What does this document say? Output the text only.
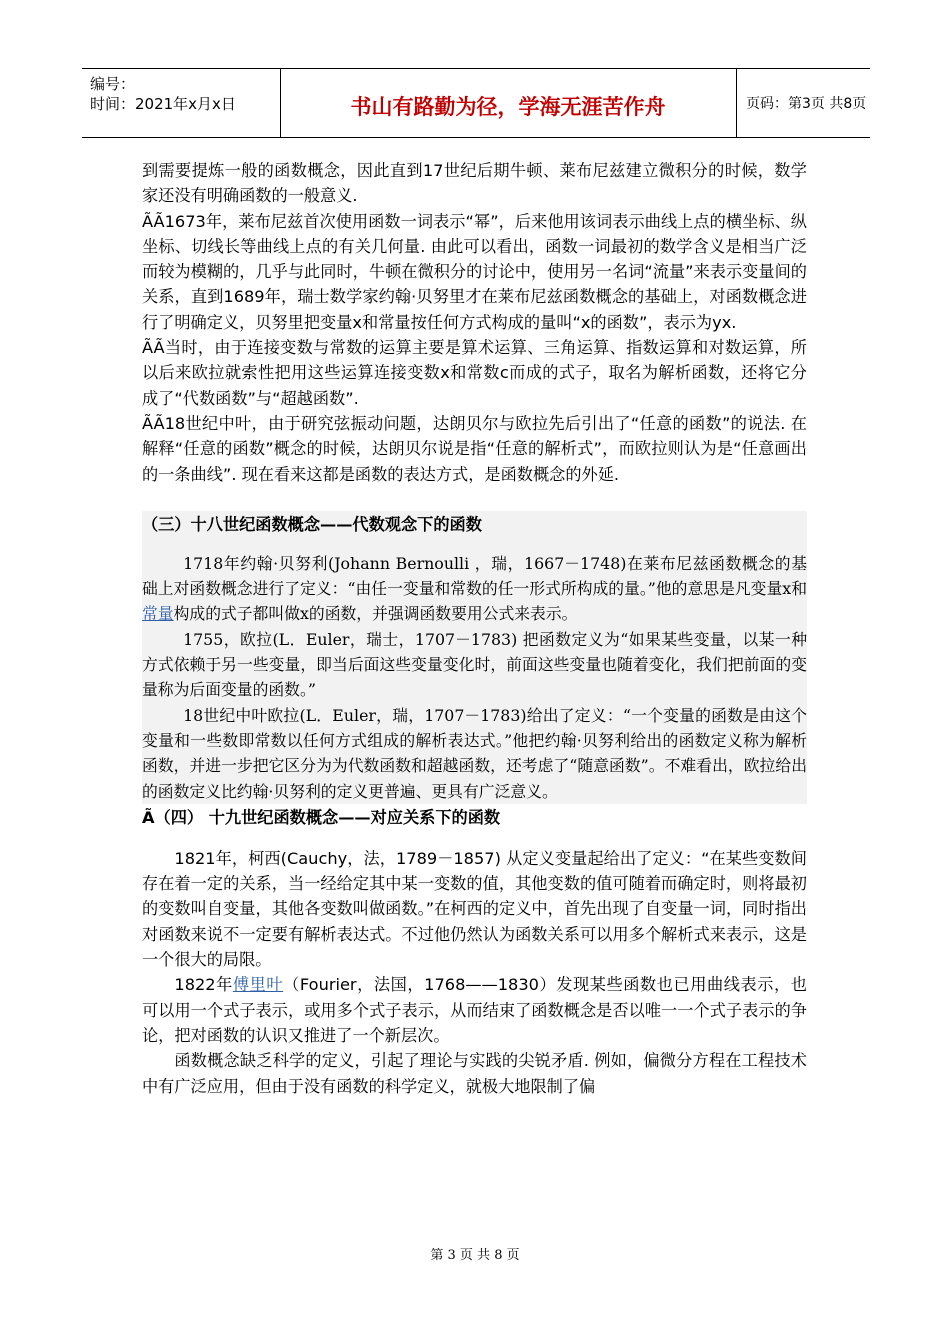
编号：
时间：2021年x月x日	书山有路勤为径，学海无涯苦作舟	页码：第3页 共8页

到需要提炼一般的函数概念，因此直到17世纪后期牛顿、莱布尼兹建立微积分的时候，数学家还没有明确函数的一般意义.

ÃÃ1673年，莱布尼兹首次使用函数一词表示“幂”，后来他用该词表示曲线上点的横坐标、纵坐标、切线长等曲线上点的有关几何量. 由此可以看出，函数一词最初的数学含义是相当广泛而较为模糊的，几乎与此同时，牛顿在微积分的讨论中，使用另一名词“流量”来表示变量间的关系，直到1689年，瑞士数学家约翰·贝努里才在莱布尼兹函数概念的基础上，对函数概念进行了明确定义，贝努里把变量x和常量按任何方式构成的量叫“x的函数”，表示为yx.

ÃÃ当时，由于连接变数与常数的运算主要是算术运算、三角运算、指数运算和对数运算，所以后来欧拉就索性把用这些运算连接变数x和常数c而成的式子，取名为解析函数，还将它分成了“代数函数”与“超越函数”.

ÃÃ18世纪中叶，由于研究弦振动问题，达朗贝尔与欧拉先后引出了“任意的函数”的说法. 在解释“任意的函数”概念的时候，达朗贝尔说是指“任意的解析式”，而欧拉则认为是“任意画出的一条曲线”. 现在看来这都是函数的表达方式，是函数概念的外延.

（三）十八世纪函数概念——代数观念下的函数

1718年约翰·贝努利(Johann Bernoulli ，瑞，1667－1748)在莱布尼兹函数概念的基础上对函数概念进行了定义：“由任一变量和常数的任一形式所构成的量。”他的意思是凡变量x和常量构成的式子都叫做x的函数，并强调函数要用公式来表示。

1755，欧拉(L．Euler，瑞士，1707－1783) 把函数定义为“如果某些变量，以某一种方式依赖于另一些变量，即当后面这些变量变化时，前面这些变量也随着变化，我们把前面的变量称为后面变量的函数。”

18世纪中叶欧拉(L．Euler，瑞，1707－1783)给出了定义：“一个变量的函数是由这个变量和一些数即常数以任何方式组成的解析表达式。”他把约翰·贝努利给出的函数定义称为解析函数，并进一步把它区分为为代数函数和超越函数，还考虑了“随意函数”。不难看出，欧拉给出的函数定义比约翰·贝努利的定义更普遍、更具有广泛意义。

Ã（四） 十九世纪函数概念——对应关系下的函数

1821年，柯西(Cauchy，法，1789－1857) 从定义变量起给出了定义：“在某些变数间存在着一定的关系，当一经给定其中某一变数的值，其他变数的值可随着而确定时，则将最初的变数叫自变量，其他各变数叫做函数。”在柯西的定义中，首先出现了自变量一词，同时指出对函数来说不一定要有解析表达式。不过他仍然认为函数关系可以用多个解析式来表示，这是一个很大的局限。

1822年傅里叶（Fourier，法国，1768——1830）发现某些函数也已用曲线表示，也可以用一个式子表示，或用多个式子表示，从而结束了函数概念是否以唯一一个式子表示的争论，把对函数的认识又推进了一个新层次。

函数概念缺乏科学的定义，引起了理论与实践的尖锐矛盾. 例如，偏微分方程在工程技术中有广泛应用，但由于没有函数的科学定义，就极大地限制了偏

第 3 页 共 8 页
